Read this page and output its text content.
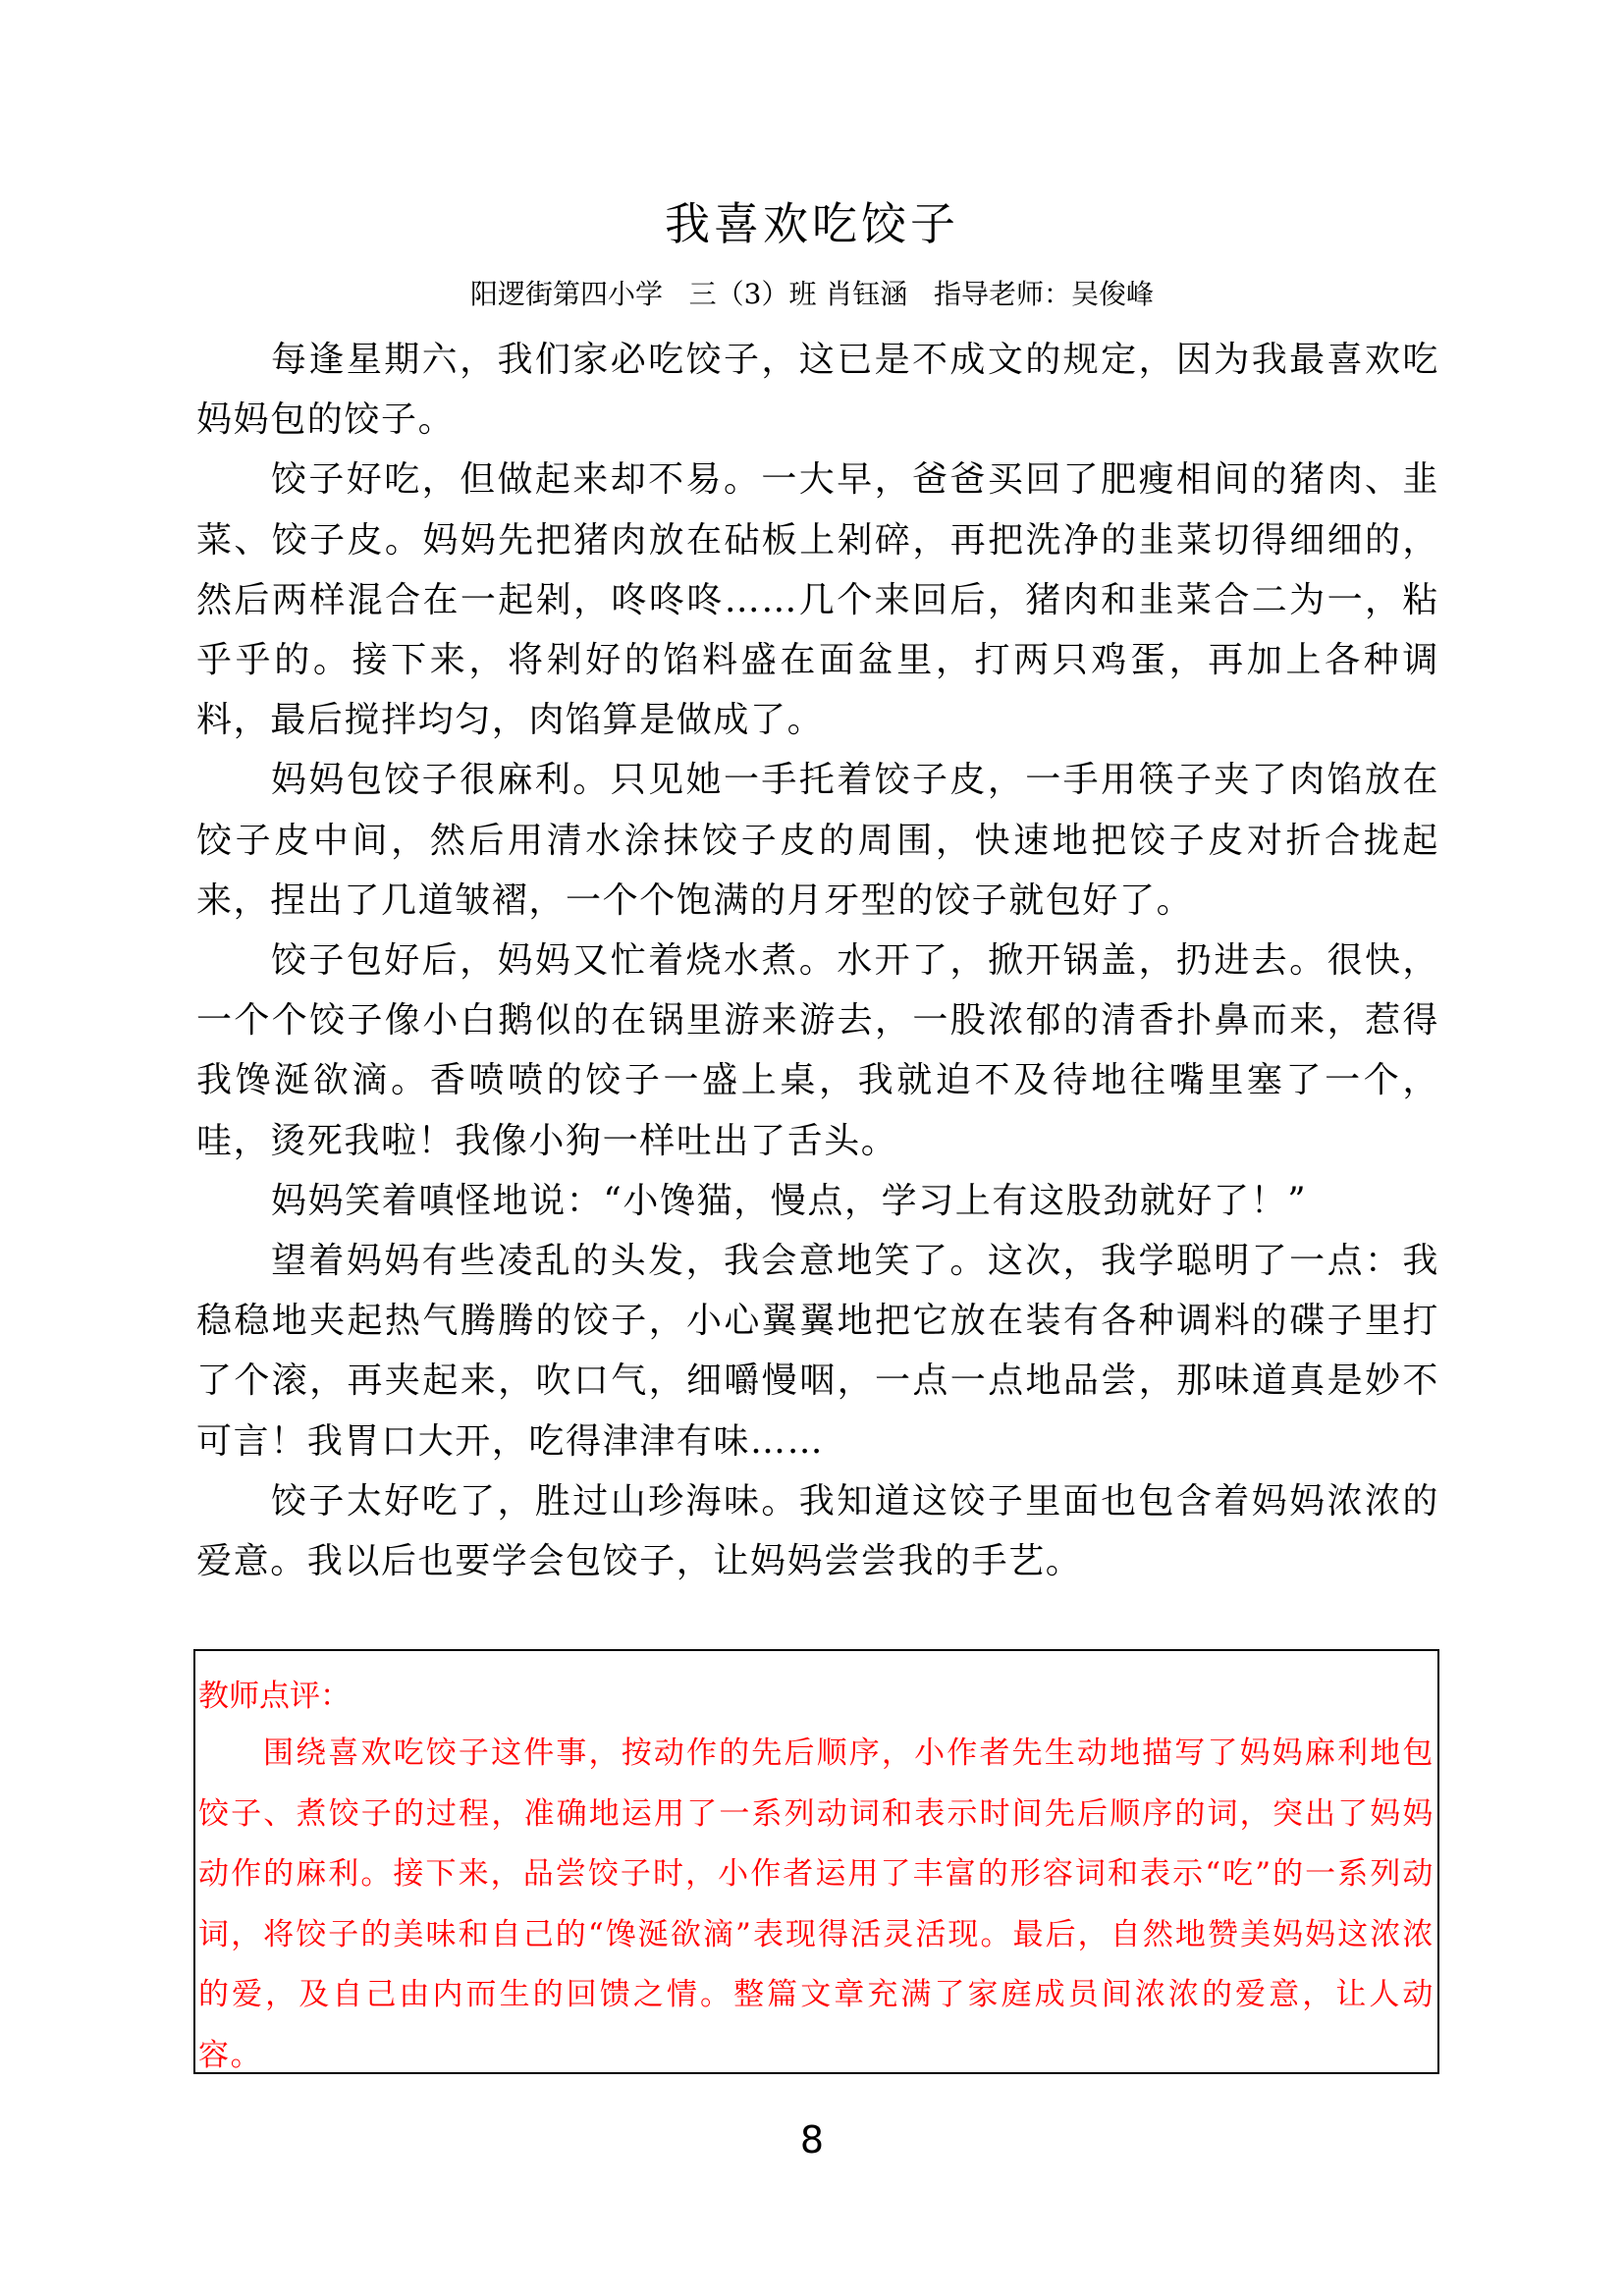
我喜欢吃饺子
阳逻街第四小学   三（3）班 肖钰涵   指导老师：吴俊峰

每逢星期六，我们家必吃饺子，这已是不成文的规定，因为我最喜欢吃妈妈包的饺子。

饺子好吃，但做起来却不易。一大早，爸爸买回了肥瘦相间的猪肉、韭菜、饺子皮。妈妈先把猪肉放在砧板上剁碎，再把洗净的韭菜切得细细的，然后两样混合在一起剁，咚咚咚……几个来回后，猪肉和韭菜合二为一，粘乎乎的。接下来，将剁好的馅料盛在面盆里，打两只鸡蛋，再加上各种调料，最后搅拌均匀，肉馅算是做成了。

妈妈包饺子很麻利。只见她一手托着饺子皮，一手用筷子夹了肉馅放在饺子皮中间，然后用清水涂抹饺子皮的周围，快速地把饺子皮对折合拢起来，捏出了几道皱褶，一个个饱满的月牙型的饺子就包好了。

饺子包好后，妈妈又忙着烧水煮。水开了，掀开锅盖，扔进去。很快，一个个饺子像小白鹅似的在锅里游来游去，一股浓郁的清香扑鼻而来，惹得我馋涎欲滴。香喷喷的饺子一盛上桌，我就迫不及待地往嘴里塞了一个，哇，烫死我啦！我像小狗一样吐出了舌头。

妈妈笑着嗔怪地说：“小馋猫，慢点，学习上有这股劲就好了！”

望着妈妈有些凌乱的头发，我会意地笑了。这次，我学聪明了一点：我稳稳地夹起热气腾腾的饺子，小心翼翼地把它放在装有各种调料的碟子里打了个滚，再夹起来，吹口气，细嚼慢咽，一点一点地品尝，那味道真是妙不可言！我胃口大开，吃得津津有味……

饺子太好吃了，胜过山珍海味。我知道这饺子里面也包含着妈妈浓浓的爱意。我以后也要学会包饺子，让妈妈尝尝我的手艺。

教师点评：

围绕喜欢吃饺子这件事，按动作的先后顺序，小作者先生动地描写了妈妈麻利地包饺子、煮饺子的过程，准确地运用了一系列动词和表示时间先后顺序的词，突出了妈妈动作的麻利。接下来，品尝饺子时，小作者运用了丰富的形容词和表示“吃”的一系列动词，将饺子的美味和自己的“馋涎欲滴”表现得活灵活现。最后，自然地赞美妈妈这浓浓的爱，及自己由内而生的回馈之情。整篇文章充满了家庭成员间浓浓的爱意，让人动容。

8
